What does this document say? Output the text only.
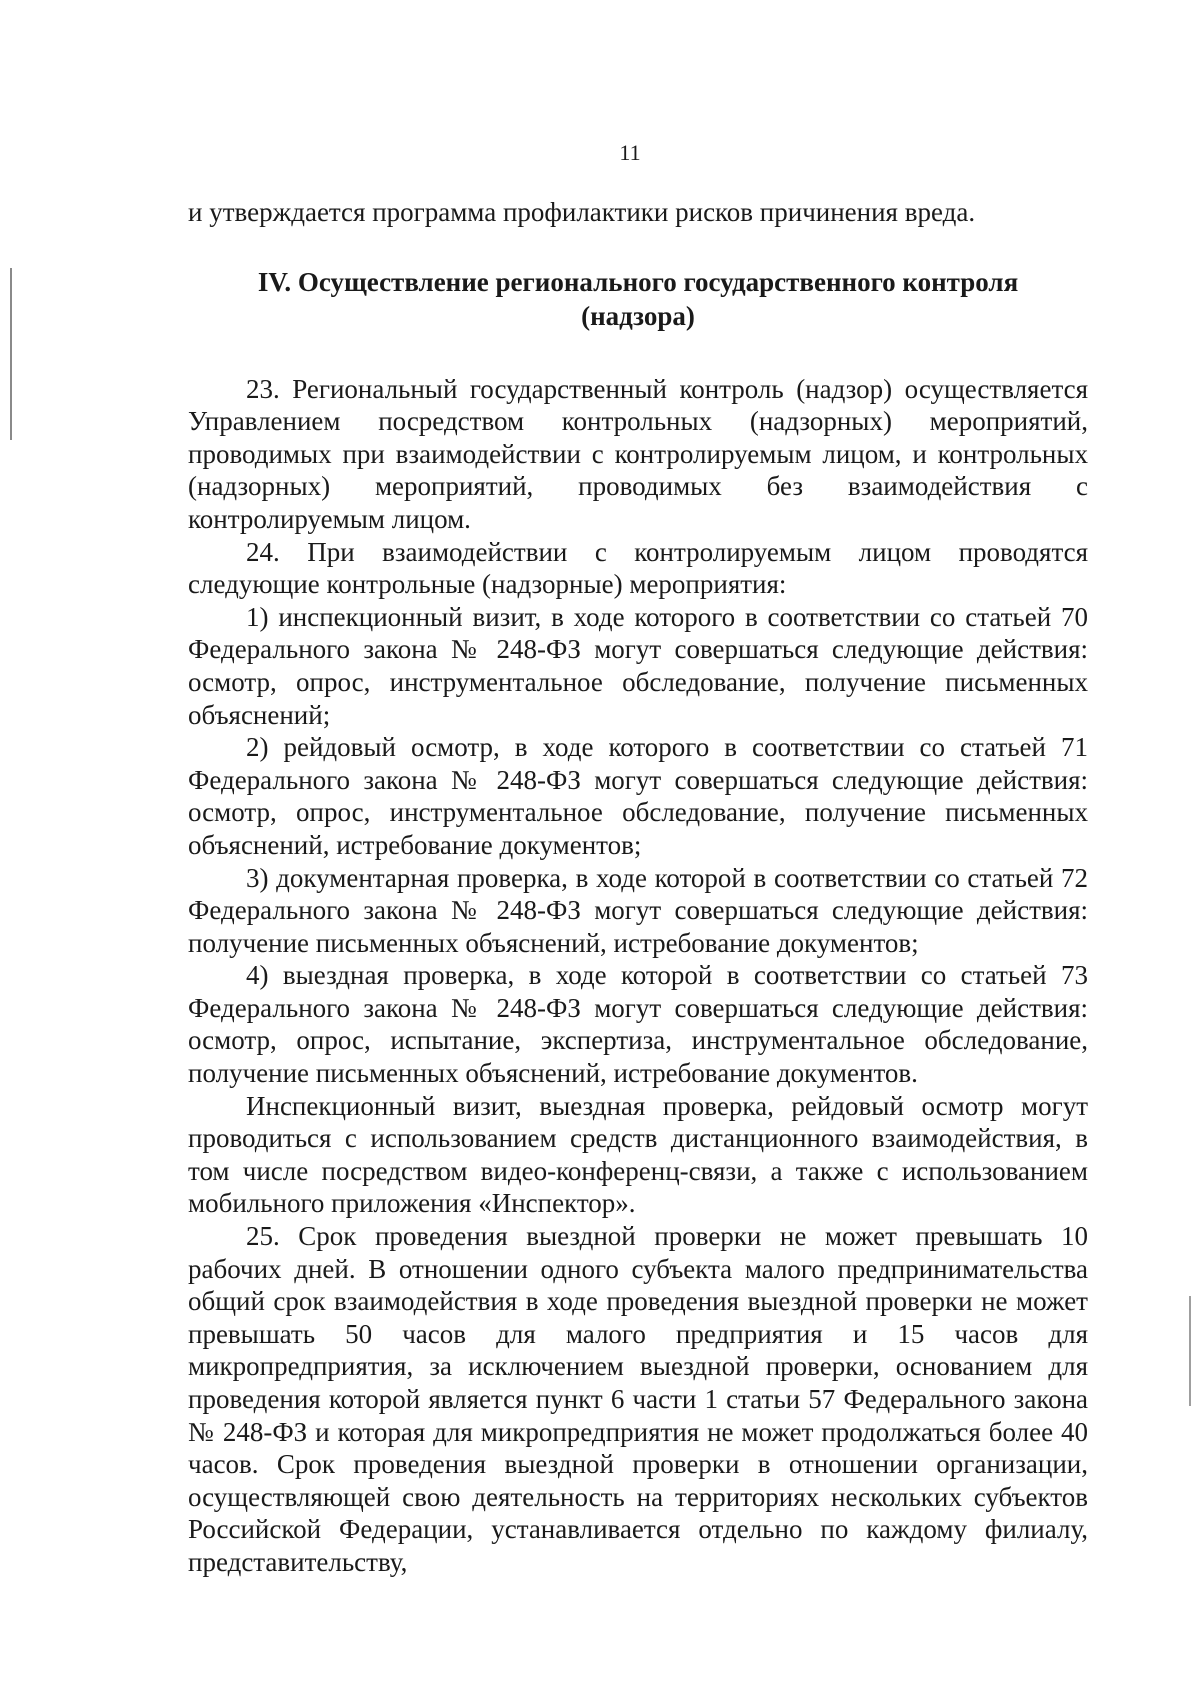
11

и утверждается программа профилактики рисков причинения вреда.

IV. Осуществление регионального государственного контроля
(надзора)

23. Региональный государственный контроль (надзор) осуществляется Управлением посредством контрольных (надзорных) мероприятий, проводимых при взаимодействии с контролируемым лицом, и контрольных (надзорных) мероприятий, проводимых без взаимодействия с контролируемым лицом.

24. При взаимодействии с контролируемым лицом проводятся следующие контрольные (надзорные) мероприятия:

1) инспекционный визит, в ходе которого в соответствии со статьей 70 Федерального закона № 248-ФЗ могут совершаться следующие действия: осмотр, опрос, инструментальное обследование, получение письменных объяснений;

2) рейдовый осмотр, в ходе которого в соответствии со статьей 71 Федерального закона № 248-ФЗ могут совершаться следующие действия: осмотр, опрос, инструментальное обследование, получение письменных объяснений, истребование документов;

3) документарная проверка, в ходе которой в соответствии со статьей 72 Федерального закона № 248-ФЗ могут совершаться следующие действия: получение письменных объяснений, истребование документов;

4) выездная проверка, в ходе которой в соответствии со статьей 73 Федерального закона № 248-ФЗ могут совершаться следующие действия: осмотр, опрос, испытание, экспертиза, инструментальное обследование, получение письменных объяснений, истребование документов.

Инспекционный визит, выездная проверка, рейдовый осмотр могут проводиться с использованием средств дистанционного взаимодействия, в том числе посредством видео-конференц-связи, а также с использованием мобильного приложения «Инспектор».

25. Срок проведения выездной проверки не может превышать 10 рабочих дней. В отношении одного субъекта малого предпринимательства общий срок взаимодействия в ходе проведения выездной проверки не может превышать 50 часов для малого предприятия и 15 часов для микропредприятия, за исключением выездной проверки, основанием для проведения которой является пункт 6 части 1 статьи 57 Федерального закона № 248-ФЗ и которая для микропредприятия не может продолжаться более 40 часов. Срок проведения выездной проверки в отношении организации, осуществляющей свою деятельность на территориях нескольких субъектов Российской Федерации, устанавливается отдельно по каждому филиалу, представительству,
